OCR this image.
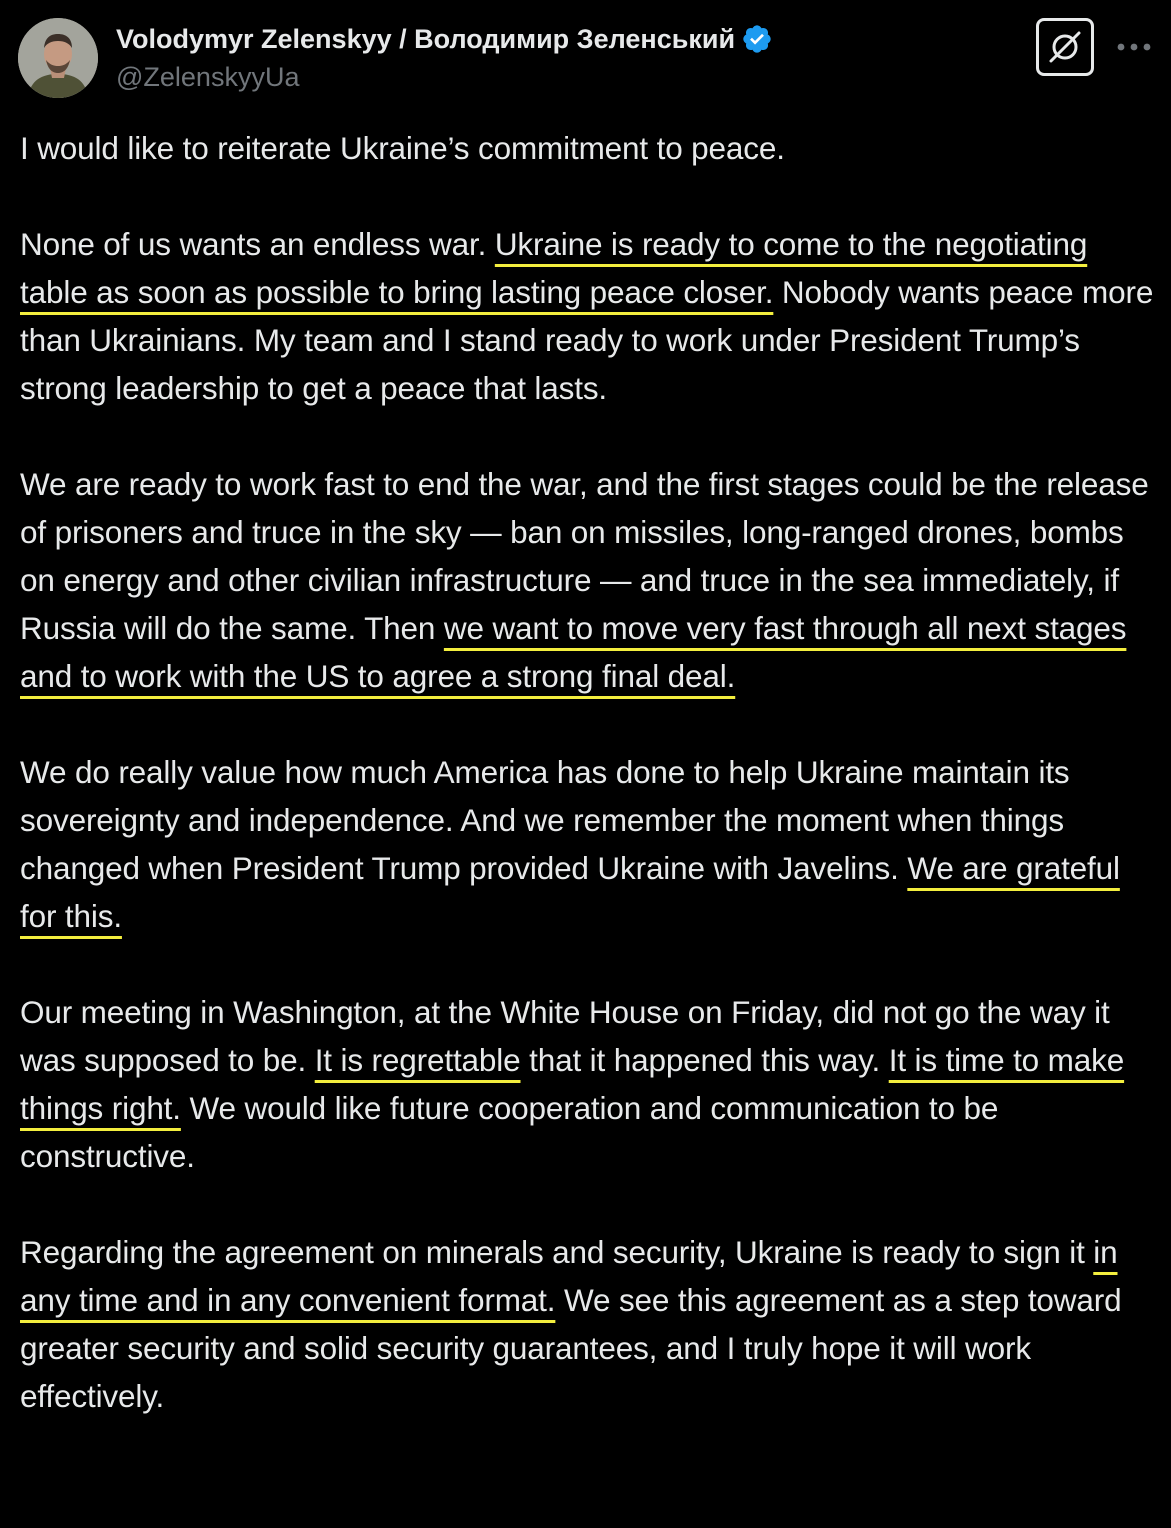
Volodymyr Zelenskyy / Володимир Зеленський
@ZelenskyyUa

I would like to reiterate Ukraine’s commitment to peace.

None of us wants an endless war. Ukraine is ready to come to the negotiating table as soon as possible to bring lasting peace closer. Nobody wants peace more than Ukrainians. My team and I stand ready to work under President Trump’s strong leadership to get a peace that lasts.

We are ready to work fast to end the war, and the first stages could be the release of prisoners and truce in the sky — ban on missiles, long-ranged drones, bombs on energy and other civilian infrastructure — and truce in the sea immediately, if Russia will do the same. Then we want to move very fast through all next stages and to work with the US to agree a strong final deal.

We do really value how much America has done to help Ukraine maintain its sovereignty and independence. And we remember the moment when things changed when President Trump provided Ukraine with Javelins. We are grateful for this.

Our meeting in Washington, at the White House on Friday, did not go the way it was supposed to be. It is regrettable that it happened this way. It is time to make things right. We would like future cooperation and communication to be constructive.

Regarding the agreement on minerals and security, Ukraine is ready to sign it in any time and in any convenient format. We see this agreement as a step toward greater security and solid security guarantees, and I truly hope it will work effectively.
